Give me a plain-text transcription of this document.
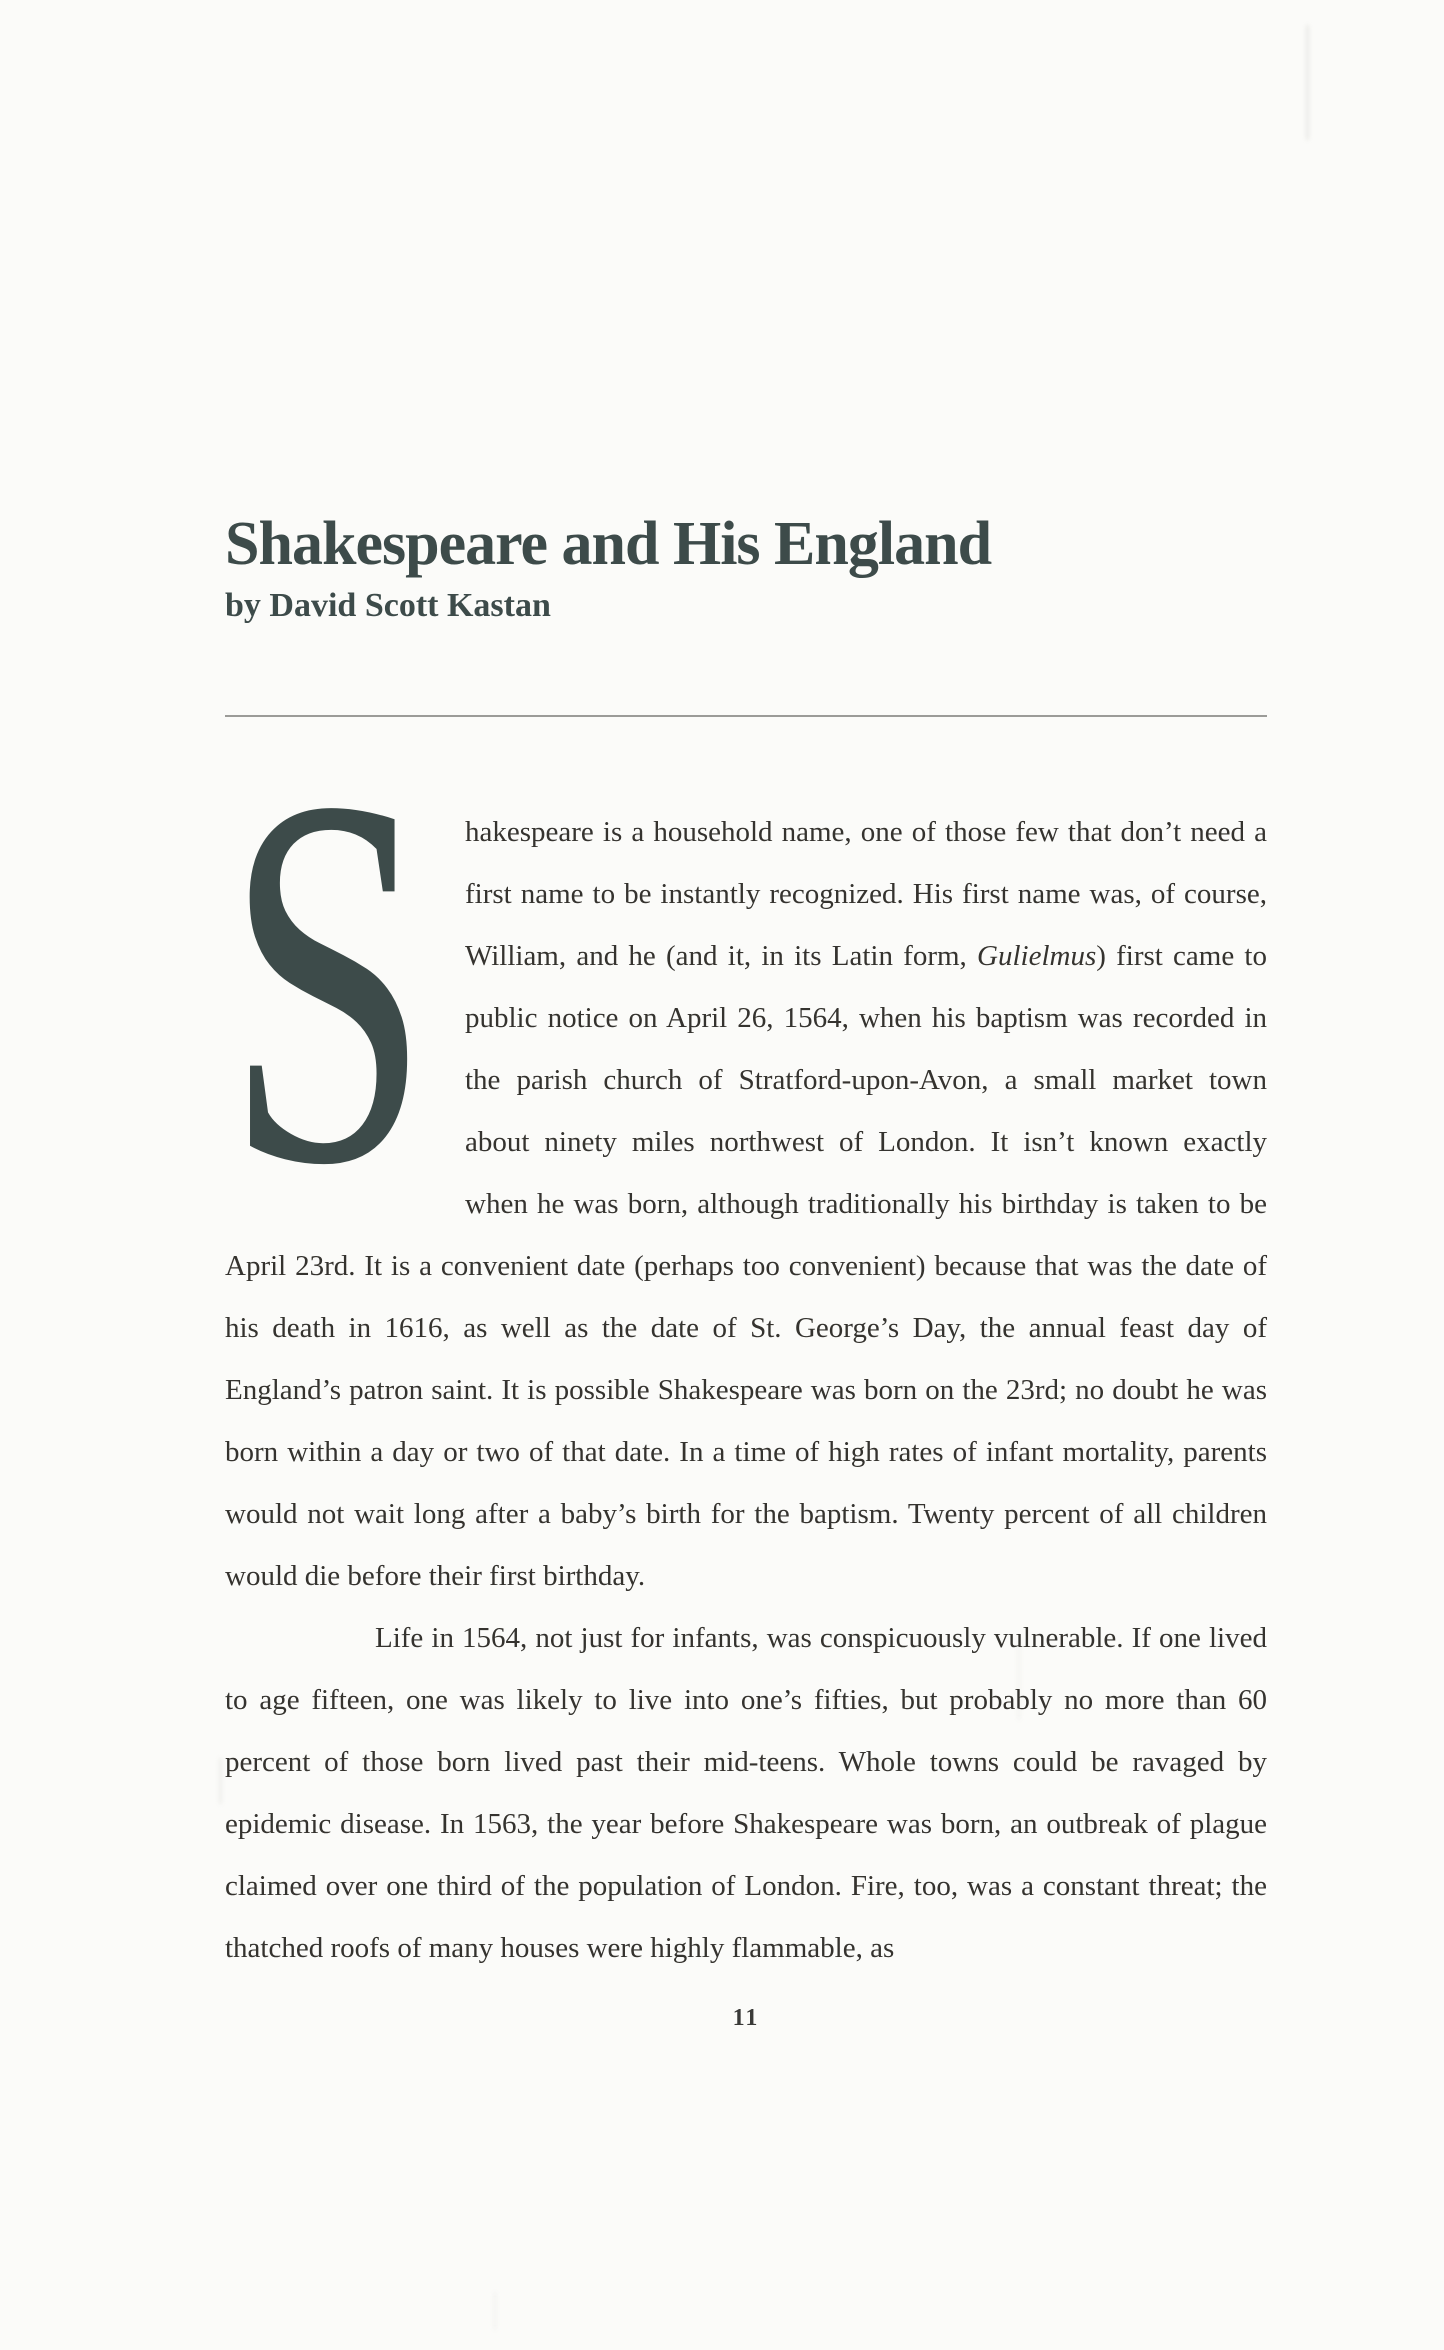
Shakespeare and His England
by David Scott Kastan

S hakespeare is a household name, one of those few that don’t need a first name to be instantly recognized. His first name was, of course, William, and he (and it, in its Latin form, Gulielmus) first came to public notice on April 26, 1564, when his baptism was recorded in the parish church of Stratford-upon-Avon, a small market town about ninety miles northwest of London. It isn’t known exactly when he was born, although traditionally his birthday is taken to be April 23rd. It is a convenient date (perhaps too convenient) because that was the date of his death in 1616, as well as the date of St. George’s Day, the annual feast day of England’s patron saint. It is possible Shakespeare was born on the 23rd; no doubt he was born within a day or two of that date. In a time of high rates of infant mortality, parents would not wait long after a baby’s birth for the baptism. Twenty percent of all children would die before their first birthday.

Life in 1564, not just for infants, was conspicuously vulnerable. If one lived to age fifteen, one was likely to live into one’s fifties, but probably no more than 60 percent of those born lived past their mid-teens. Whole towns could be ravaged by epidemic disease. In 1563, the year before Shakespeare was born, an outbreak of plague claimed over one third of the population of London. Fire, too, was a constant threat; the thatched roofs of many houses were highly flammable, as

11
